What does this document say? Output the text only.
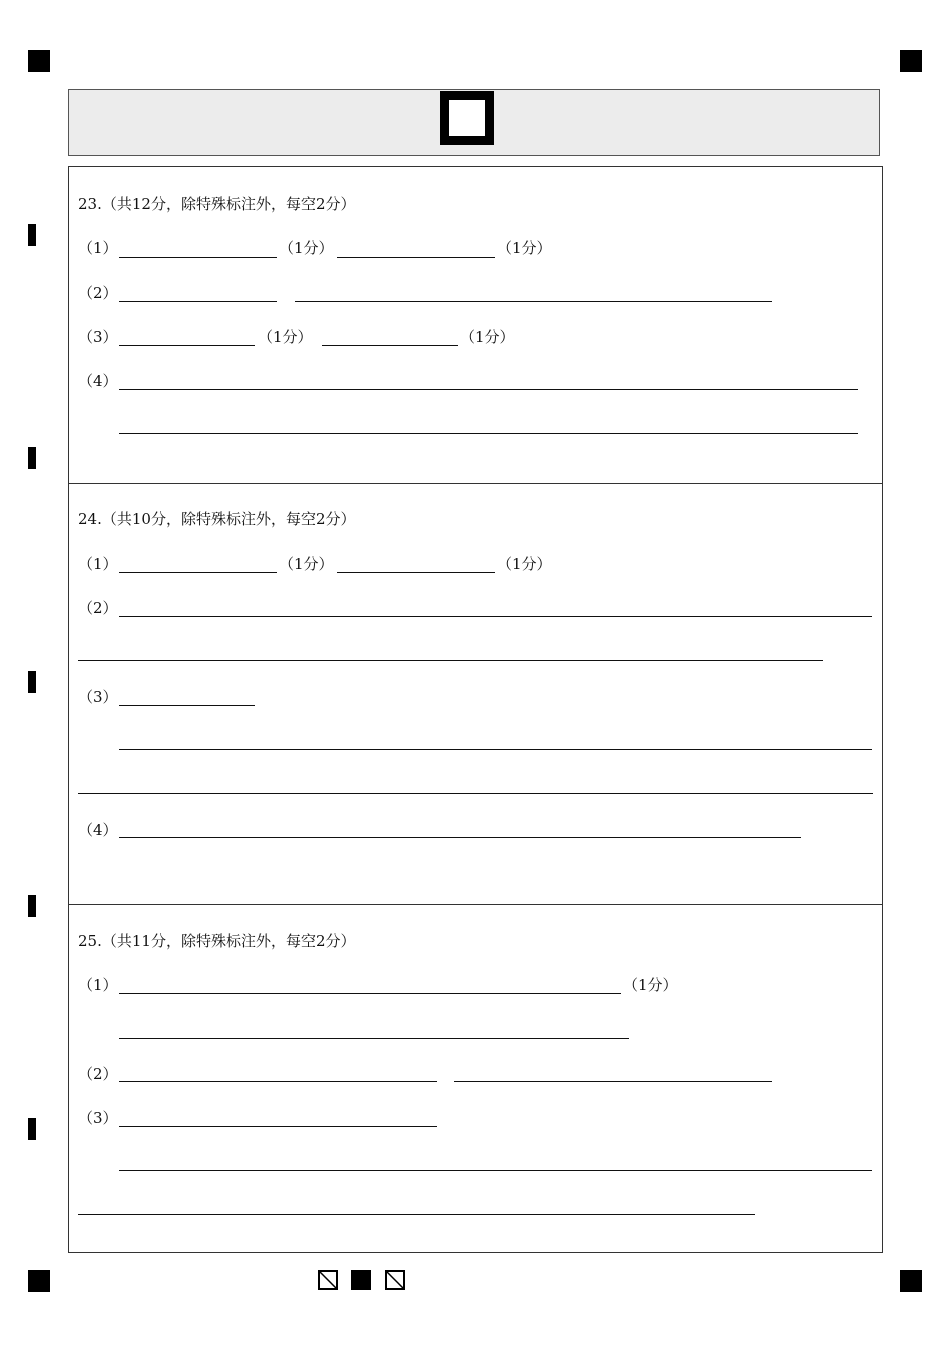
23.（共12分，除特殊标注外，每空2分）
（1）	（1分）	（1分）
（2）
（3）	（1分）	（1分）
（4）
24.（共10分，除特殊标注外，每空2分）
（1）	（1分）	（1分）
（2）
（3）
（4）
25.（共11分，除特殊标注外，每空2分）
（1）	（1分）
（2）
（3）
